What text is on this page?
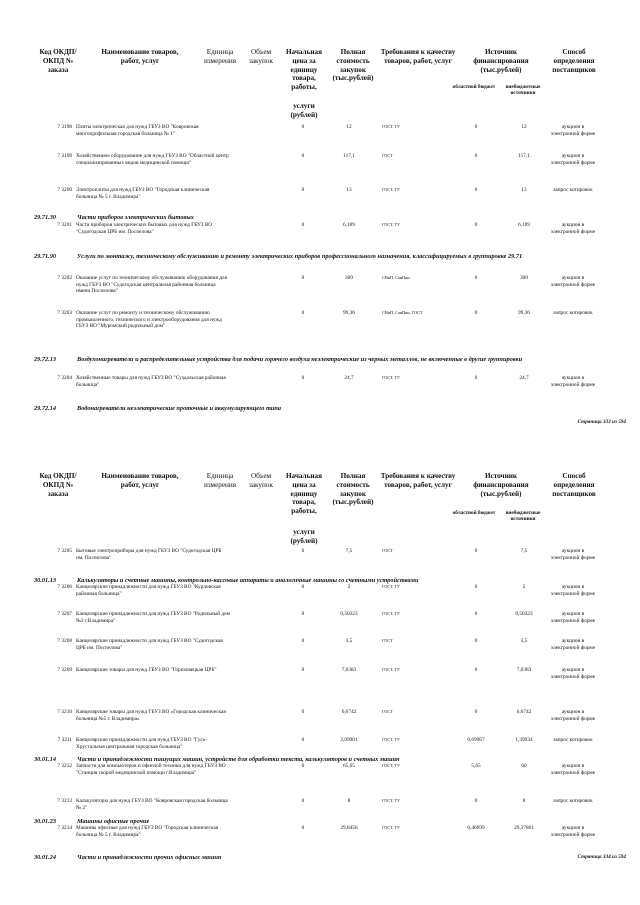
Код ОКДП/ ОКПД № заказа
Наименование товаров, работ, услуг
Единица измерения
Объем закупок
Начальная цена за единицу товара, работы,
услуги (рублей)
Полная стоимость закупок (тыс.рублей)
Требования к качеству товаров, работ, услуг
Источник финансирования (тыс.рублей)
областной бюджет	внебюджетные источники
Способ определения поставщиков
7 3198 Плиты электрическая для нужд ГБУЗ ВО "Ковровская многопрофильная городская больница № 1"
0	12	ГОСТ, ТУ	0	12	аукцион в электронной форме
7 3199 Хозяйственное оборудование для нужд ГБУЗ ВО "Областной центр специализированных видов медицинской помощи"
0	117,1	ГОСТ	0	117,1	аукцион в электронной форме
7 3200 Электроплиты для нужд ГБУЗ ВО "Городская клиническая больница № 5 г. Владимира"
0	13	ГОСТ, ТУ	0	13	запрос котировок
29.71.30	Части приборов электрических бытовых
7 3201 Части приборов электрических бытовых для нужд ГБУЗ ВО "Судогодская ЦРБ им. Поспелова"
0	6,109	ГОСТ, ТУ	0	6,109	аукцион в электронной форме
29.71.90	Услуги по монтажу, техническому обслуживанию и ремонту электрических приборов профессионального назначения, классифицируемых в группировке 29.71
7 3202 Оказание услуг по техническому обслуживанию оборудования для нужд ГБУЗ ВО "Судогодская центральная районная больница имени Поспелова"
0	300	СНиП, СанПин	0	300	аукцион в электронной форме
7 3203 Оказание услуг по ремонту и техническому обслуживанию промышленного, технического и электрооборудования для нужд ГБУЗ ВО "Муромский родильный дом"
0	99,36	СНиП, СанПин, ГОСТ	0	99,36	запрос котировок
29.72.13	Воздухонагреватели и распределительные устройства для подачи горячего воздуха неэлектрические из черных металлов, не включенные в другие группировки
7 3204 Хозяйственные товары для нужд ГБУЗ ВО "Суздальская районная больница"
0	24,7	ГОСТ, ТУ	0	24,7	аукцион в электронной форме
29.72.14	Водонагреватели неэлектрические проточные и аккумулирующего типа
Страница 333 из 594
Код ОКДП/ ОКПД № заказа
Наименование товаров, работ, услуг
Единица измерения
Объем закупок
Начальная цена за единицу товара, работы,
услуги (рублей)
Полная стоимость закупок (тыс.рублей)
Требования к качеству товаров, работ, услуг
Источник финансирования (тыс.рублей)
областной бюджет	внебюджетные источники
Способ определения поставщиков
7 3205 Бытовые электроприборы для нужд ГБУЗ ВО "Судогодская ЦРБ им. Поспелова"
0	7,5	ГОСТ	0	7,5	аукцион в электронной форме
30.01.13	Калькуляторы и счетные машины, контрольно-кассовые аппараты и аналогичные машины со счетными устройствами
7 3206 Канцелярские принадлежности для нужд ГБУЗ ВО "Курловская районная больница"
0	2	ГОСТ, ТУ	0	2	аукцион в электронной форме
7 3207 Канцелярские принадлежности для нужд ГБУЗ ВО "Родильный дом №2 г.Владимира"
0	0,50323	ГОСТ, ТУ	0	0,50323	аукцион в электронной форме
7 3208 Канцелярские принадлежности для нужд ГБУЗ ВО "Судогодская ЦРБ им. Поспелова"
0	3,5	ГОСТ	0	3,5	аукцион в электронной форме
7 3209 Канцелярские товары для нужд ГБУЗ ВО "Гороховецкая ЦРБ"	0	7,0383	ГОСТ, ТУ	0	7,0383	аукцион в электронной форме
7 3210 Канцелярские товары для нужд ГБУЗ ВО «Городская клиническая больница №5 г. Владимира»
0	6,6742	ГОСТ	0	6,6742	аукцион в электронной форме
7 3211 Канцелярские принадлежности для нужд ГБУЗ ВО "Гусь-Хрустальная центральная городская больница"
0	2,09901	ГОСТ, ТУ	0,69967	1,39934	запрос котировок
30.01.14	Части и принадлежности пишущих машин, устройств для обработки текста, калькуляторов и счетных машин
7 3212 Запчасти для компьютеров и офисной техники для нужд ГБУЗ ВО "Станция скорой медицинской помощи г.Владимира"
0	65,65	ГОСТ, ТУ	5,65	60	аукцион в электронной форме
7 3213 Калькуляторы для нужд ГБУЗ ВО "Ковровская городская больница № 2"
0	8	ГОСТ, ТУ	0	8	запрос котировок
30.01.23	Машины офисные прочие
7 3214 Машины офисные для нужд ГБУЗ ВО "Городская клиническая больница № 5 г. Владимира"
0	29,8456	ГОСТ, ТУ	0,46699	29,37861	аукцион в электронной форме
30.01.24	Части и принадлежности прочих офисных машин	Страница 334 из 594
